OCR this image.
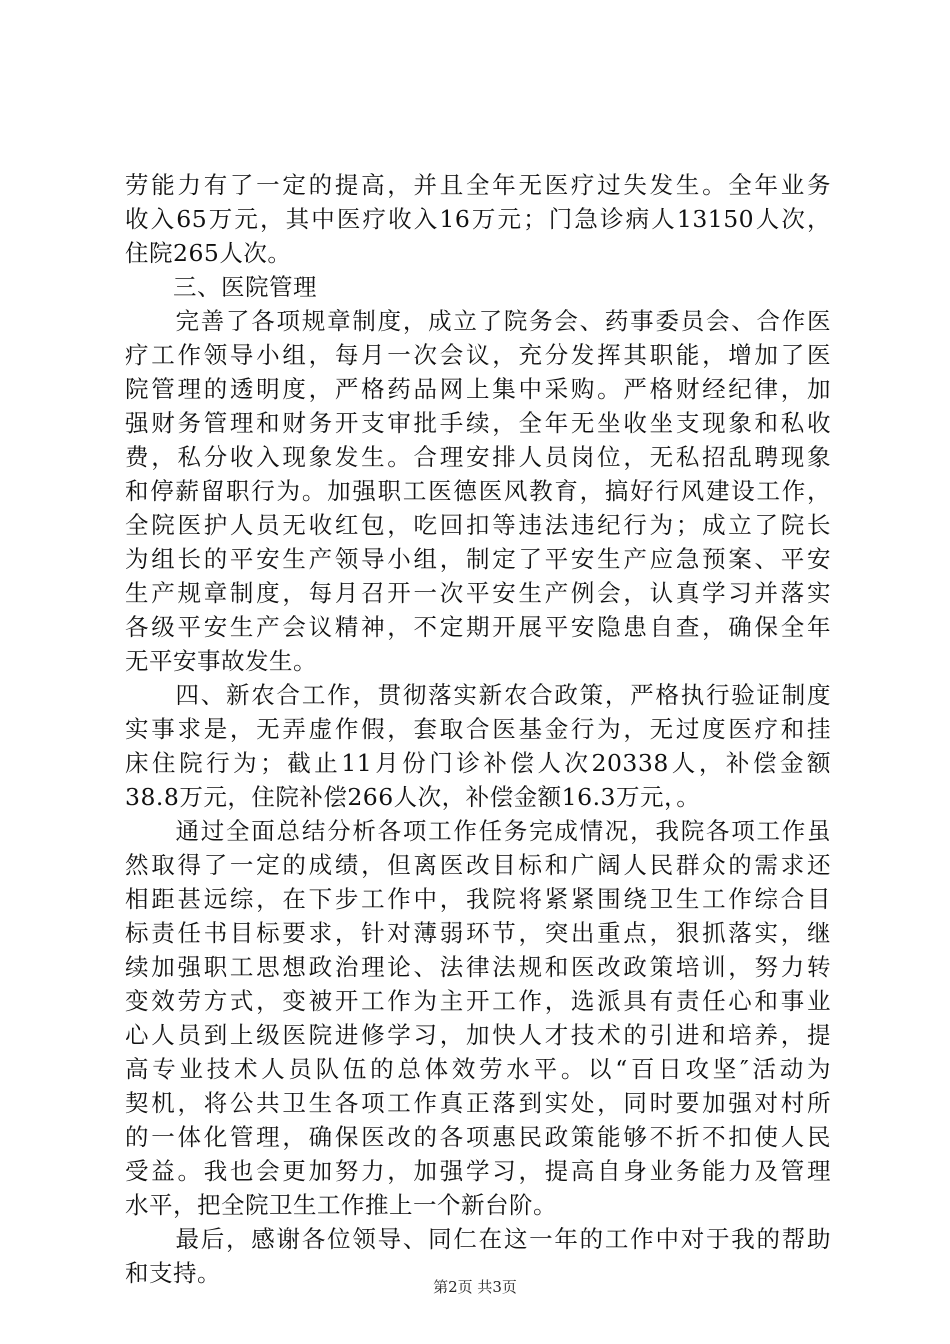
劳能力有了一定的提高，并且全年无医疗过失发生。全年业务
收入65万元，其中医疗收入16万元；门急诊病人13150人次，
住院265人次。
　　三、医院管理
　　完善了各项规章制度，成立了院务会、药事委员会、合作医
疗工作领导小组，每月一次会议，充分发挥其职能，增加了医
院管理的透明度，严格药品网上集中采购。严格财经纪律，加
强财务管理和财务开支审批手续，全年无坐收坐支现象和私收
费，私分收入现象发生。合理安排人员岗位，无私招乱聘现象
和停薪留职行为。加强职工医德医风教育，搞好行风建设工作，
全院医护人员无收红包，吃回扣等违法违纪行为；成立了院长
为组长的平安生产领导小组，制定了平安生产应急预案、平安
生产规章制度，每月召开一次平安生产例会，认真学习并落实
各级平安生产会议精神，不定期开展平安隐患自查，确保全年
无平安事故发生。
　　四、新农合工作，贯彻落实新农合政策，严格执行验证制度
实事求是，无弄虚作假，套取合医基金行为，无过度医疗和挂
床住院行为；截止11月份门诊补偿人次20338人，补偿金额
38.8万元，住院补偿266人次，补偿金额16.3万元，。
　　通过全面总结分析各项工作任务完成情况，我院各项工作虽
然取得了一定的成绩，但离医改目标和广阔人民群众的需求还
相距甚远综，在下步工作中，我院将紧紧围绕卫生工作综合目
标责任书目标要求，针对薄弱环节，突出重点，狠抓落实，继
续加强职工思想政治理论、法律法规和医改政策培训，努力转
变效劳方式，变被开工作为主开工作，选派具有责任心和事业
心人员到上级医院进修学习，加快人才技术的引进和培养，提
高专业技术人员队伍的总体效劳水平。以“百日攻坚″活动为
契机，将公共卫生各项工作真正落到实处，同时要加强对村所
的一体化管理，确保医改的各项惠民政策能够不折不扣使人民
受益。我也会更加努力，加强学习，提高自身业务能力及管理
水平，把全院卫生工作推上一个新台阶。
　　最后，感谢各位领导、同仁在这一年的工作中对于我的帮助
和支持。	第2页 共3页
